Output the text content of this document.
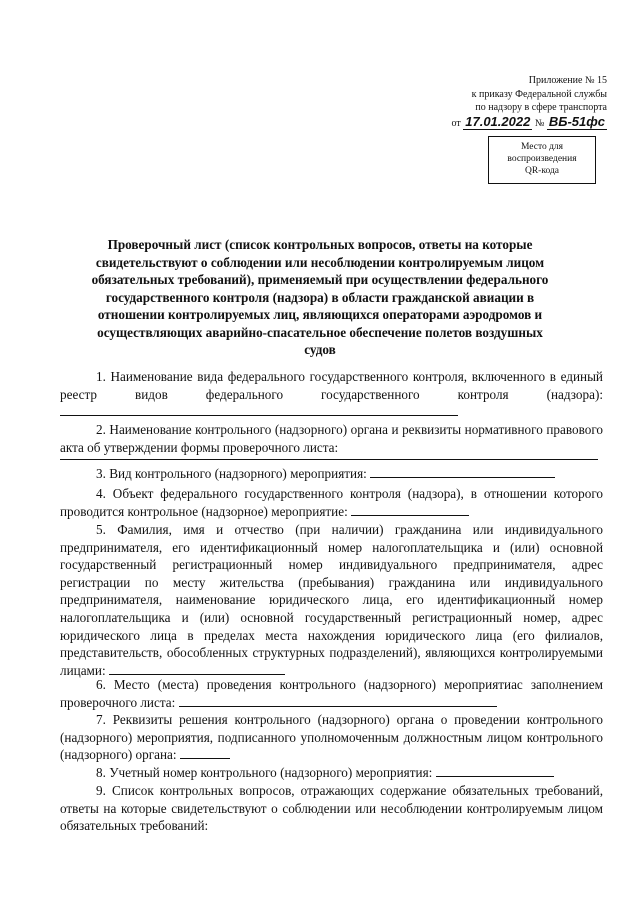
Приложение № 15
к приказу Федеральной службы
по надзору в сфере транспорта
от 17.01.2022 № ВБ-51фс
Место для
воспроизведения
QR-кода
Проверочный лист (список контрольных вопросов, ответы на которые свидетельствуют о соблюдении или несоблюдении контролируемым лицом обязательных требований), применяемый при осуществлении федерального государственного контроля (надзора) в области гражданской авиации в отношении контролируемых лиц, являющихся операторами аэродромов и осуществляющих аварийно-спасательное обеспечение полетов воздушных судов
1. Наименование вида федерального государственного контроля, включенного в единый реестр видов федерального государственного контроля (надзора):
2. Наименование контрольного (надзорного) органа и реквизиты нормативного правового акта об утверждении формы проверочного листа:
3. Вид контрольного (надзорного) мероприятия:
4. Объект федерального государственного контроля (надзора), в отношении которого проводится контрольное (надзорное) мероприятие:
5. Фамилия, имя и отчество (при наличии) гражданина или индивидуального предпринимателя, его идентификационный номер налогоплательщика и (или) основной государственный регистрационный номер индивидуального предпринимателя, адрес регистрации по месту жительства (пребывания) гражданина или индивидуального предпринимателя, наименование юридического лица, его идентификационный номер налогоплательщика и (или) основной государственный регистрационный номер, адрес юридического лица в пределах места нахождения юридического лица (его филиалов, представительств, обособленных структурных подразделений), являющихся контролируемыми лицами:
6. Место (места) проведения контрольного (надзорного) мероприятиас заполнением проверочного листа:
7. Реквизиты решения контрольного (надзорного) органа о проведении контрольного (надзорного) мероприятия, подписанного уполномоченным должностным лицом контрольного (надзорного) органа:
8. Учетный номер контрольного (надзорного) мероприятия:
9. Список контрольных вопросов, отражающих содержание обязательных требований, ответы на которые свидетельствуют о соблюдении или несоблюдении контролируемым лицом обязательных требований:
